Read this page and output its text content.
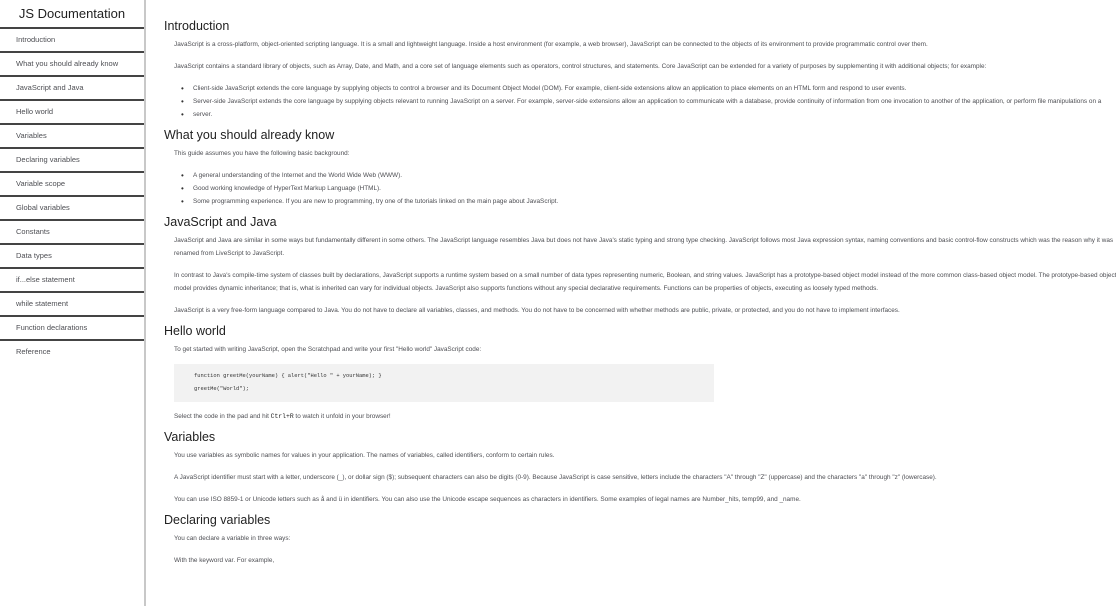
JS Documentation
Introduction
What you should already know
JavaScript and Java
Hello world
Variables
Declaring variables
Variable scope
Global variables
Constants
Data types
if...else statement
while statement
Function declarations
Reference
Introduction

JavaScript is a cross-platform, object-oriented scripting language. It is a small and lightweight language. Inside a host environment (for example, a web browser), JavaScript can be connected to the objects of its environment to provide programmatic control over them.

JavaScript contains a standard library of objects, such as Array, Date, and Math, and a core set of language elements such as operators, control structures, and statements. Core JavaScript can be extended for a variety of purposes by supplementing it with additional objects; for example:

• Client-side JavaScript extends the core language by supplying objects to control a browser and its Document Object Model (DOM). For example, client-side extensions allow an application to place elements on an HTML form and respond to user events.
• Server-side JavaScript extends the core language by supplying objects relevant to running JavaScript on a server. For example, server-side extensions allow an application to communicate with a database, provide continuity of information from one invocation to another of the application, or perform file manipulations on a
• server.
What you should already know

This guide assumes you have the following basic background:

• A general understanding of the Internet and the World Wide Web (WWW).
• Good working knowledge of HyperText Markup Language (HTML).
• Some programming experience. If you are new to programming, try one of the tutorials linked on the main page about JavaScript.
JavaScript and Java

JavaScript and Java are similar in some ways but fundamentally different in some others. The JavaScript language resembles Java but does not have Java's static typing and strong type checking. JavaScript follows most Java expression syntax, naming conventions and basic control-flow constructs which was the reason why it was

renamed from LiveScript to JavaScript.

In contrast to Java's compile-time system of classes built by declarations, JavaScript supports a runtime system based on a small number of data types representing numeric, Boolean, and string values. JavaScript has a prototype-based object model instead of the more common class-based object model. The prototype-based object

model provides dynamic inheritance; that is, what is inherited can vary for individual objects. JavaScript also supports functions without any special declarative requirements. Functions can be properties of objects, executing as loosely typed methods.

JavaScript is a very free-form language compared to Java. You do not have to declare all variables, classes, and methods. You do not have to be concerned with whether methods are public, private, or protected, and you do not have to implement interfaces.

Hello world

To get started with writing JavaScript, open the Scratchpad and write your first "Hello world" JavaScript code:

function greetMe(yourName) { alert("Hello " + yourName); }
greetMe("World");

Select the code in the pad and hit Ctrl+R to watch it unfold in your browser!

Variables

You use variables as symbolic names for values in your application. The names of variables, called identifiers, conform to certain rules.

A JavaScript identifier must start with a letter, underscore (_), or dollar sign ($); subsequent characters can also be digits (0-9). Because JavaScript is case sensitive, letters include the characters "A" through "Z" (uppercase) and the characters "a" through "z" (lowercase).

You can use ISO 8859-1 or Unicode letters such as å and ü in identifiers. You can also use the Unicode escape sequences as characters in identifiers. Some examples of legal names are Number_hits, temp99, and _name.

Declaring variables

You can declare a variable in three ways:

With the keyword var. For example,
